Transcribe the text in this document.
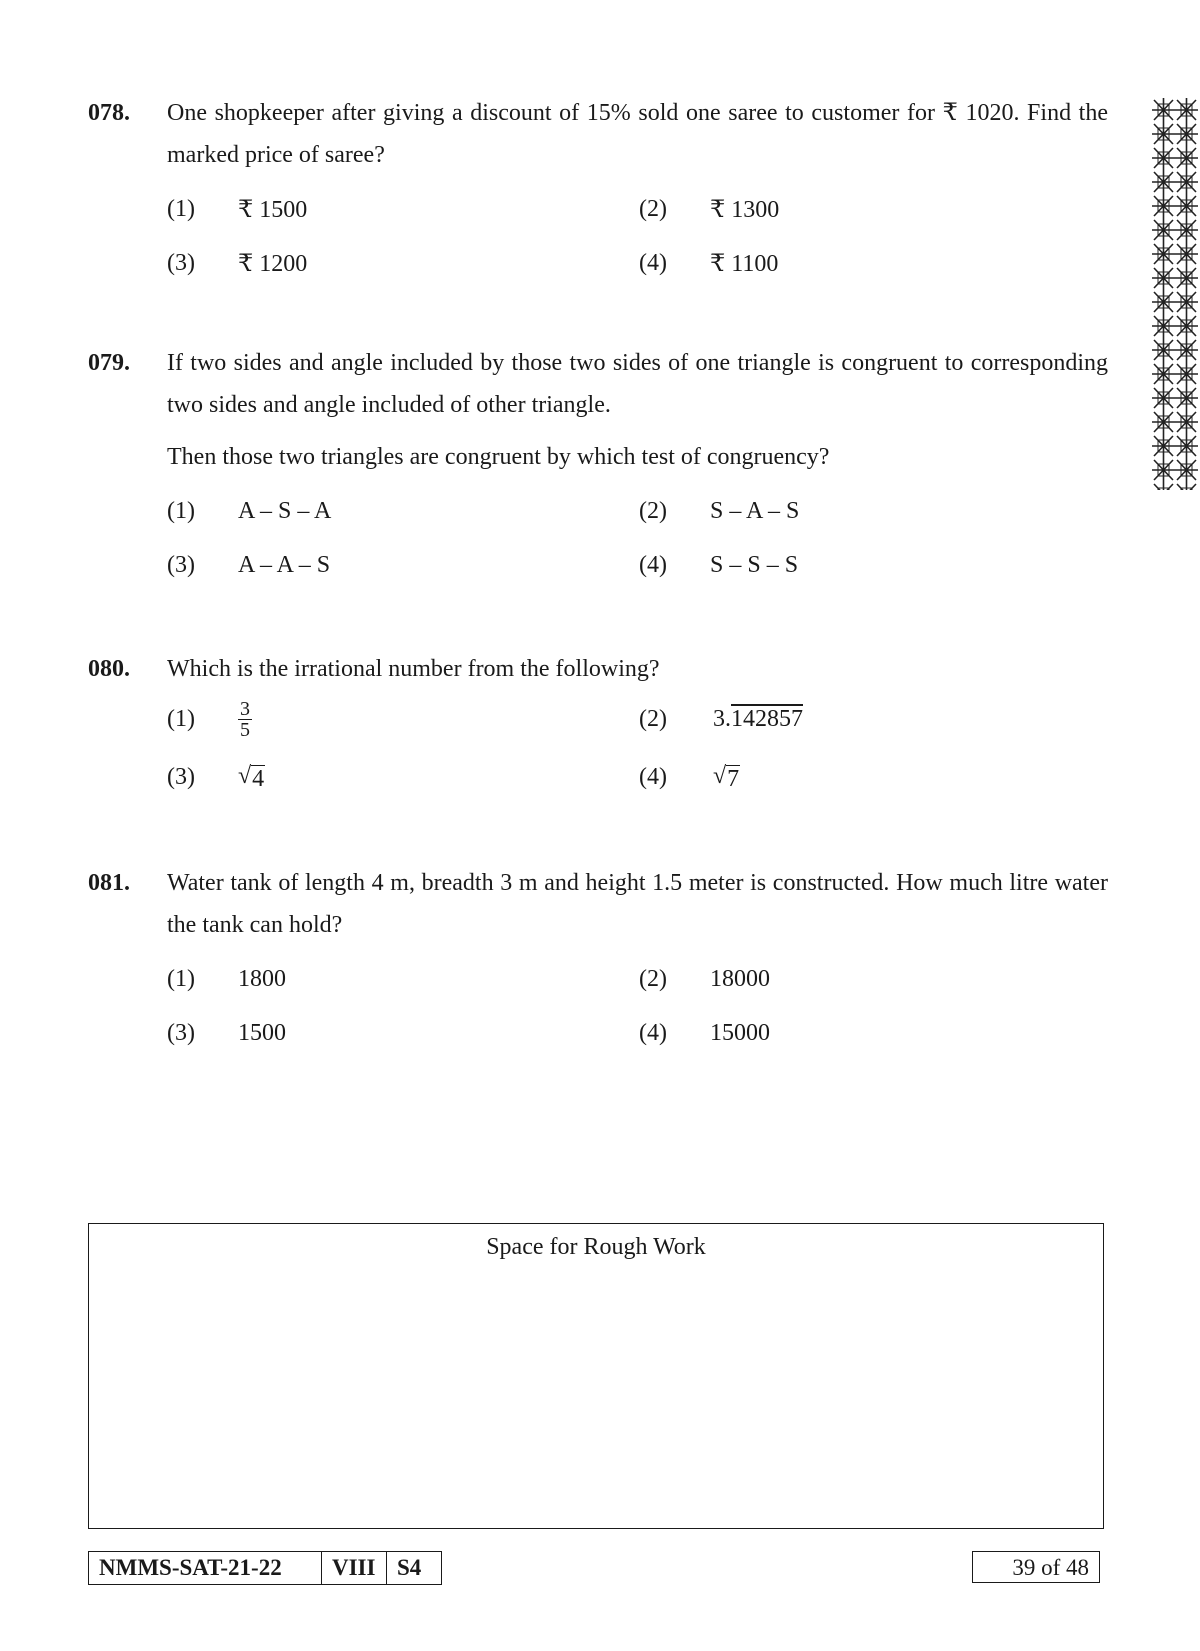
078. One shopkeeper after giving a discount of 15% sold one saree to customer for ₹ 1020. Find the marked price of saree?

(1)	₹ 1500	(2)	₹ 1300
(3)	₹ 1200	(4)	₹ 1100
079. If two sides and angle included by those two sides of one triangle is congruent to corresponding two sides and angle included of other triangle.

Then those two triangles are congruent by which test of congruency?

(1)	A – S – A	(2)	S – A – S
(3)	A – A – S	(4)	S – S – S
080. Which is the irrational number from the following?

(1)	$\frac{3}{5}$	(2)	3.142857
(3)	√ 4	(4)	√ 7
081. Water tank of length 4 m, breadth 3 m and height 1.5 meter is constructed. How much litre water the tank can hold?

(1)	1800	(2)	18000
(3)	1500	(4)	15000
Space for Rough Work
NMMS-SAT-21-22	VIII S4	39 of 48
